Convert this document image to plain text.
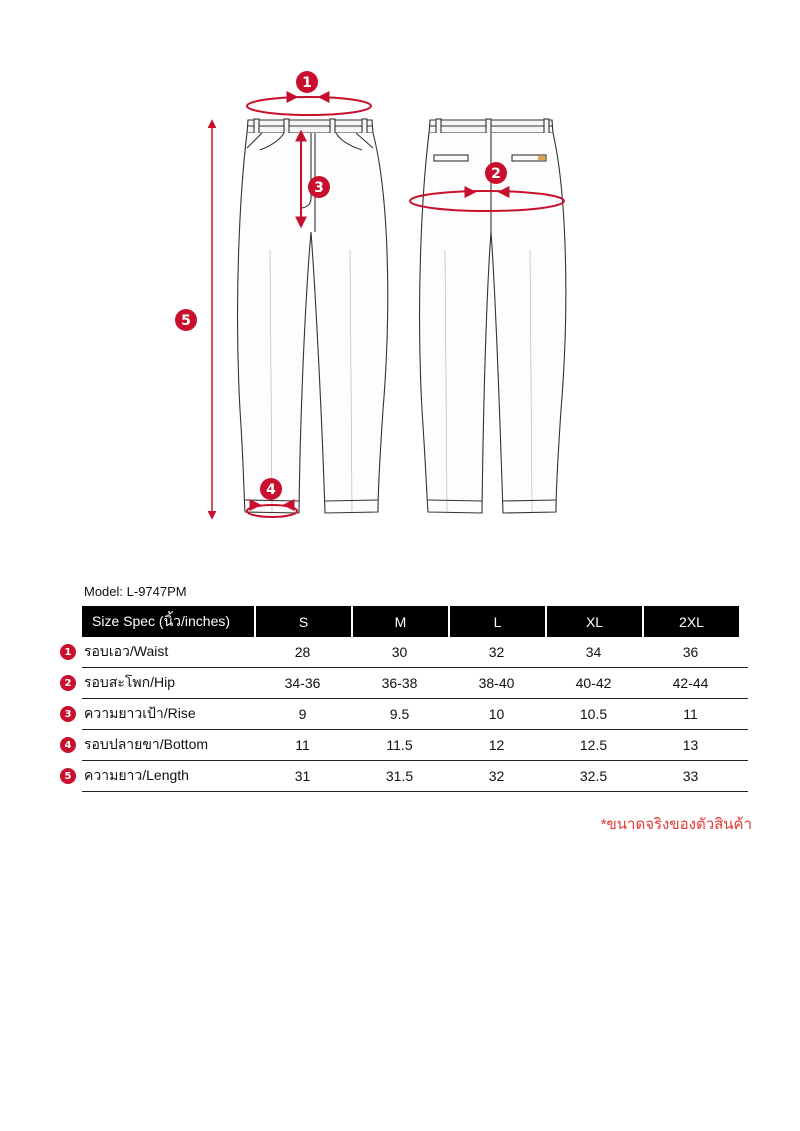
1
2
3
4
5
Model: L-9747PM
Size Spec (นิ้ว/inches)	S	M	L	XL	2XL
1 รอบเอว/Waist	28	30	32	34	36
2 รอบสะโพก/Hip	34-36	36-38	38-40	40-42	42-44
3 ความยาวเป้า/Rise	9	9.5	10	10.5	11
4 รอบปลายขา/Bottom	11	11.5	12	12.5	13
5 ความยาว/Length	31	31.5	32	32.5	33
*ขนาดจริงของตัวสินค้า
